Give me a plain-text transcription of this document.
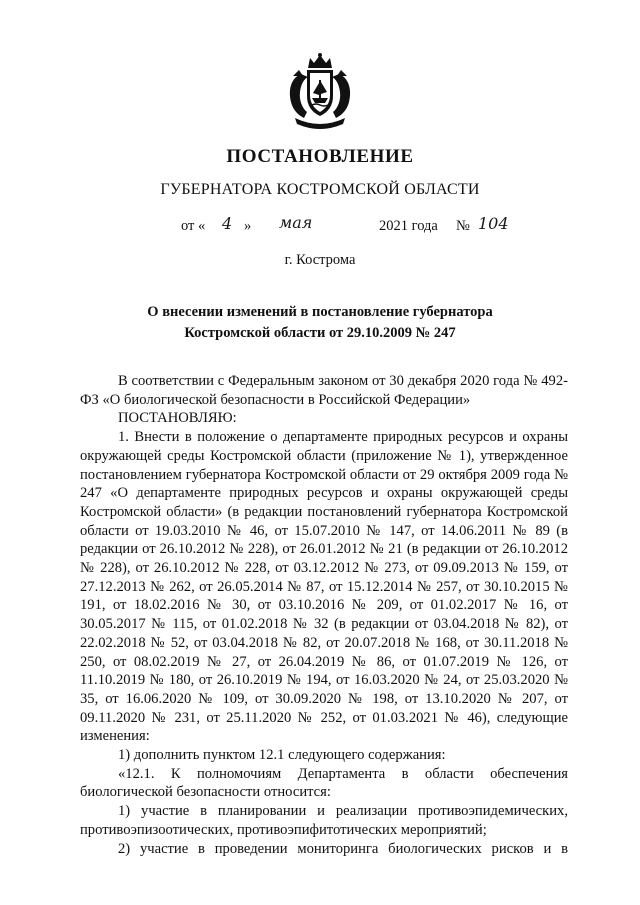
ПОСТАНОВЛЕНИЕ
ГУБЕРНАТОРА КОСТРОМСКОЙ ОБЛАСТИ
от « 4 » мая	2021 года № 104
г. Кострома
О внесении изменений в постановление губернатора
Костромской области от 29.10.2009 № 247

В соответствии с Федеральным законом от 30 декабря 2020 года № 492-ФЗ «О биологической безопасности в Российской Федерации»

ПОСТАНОВЛЯЮ:

1. Внести в положение о департаменте природных ресурсов и охраны окружающей среды Костромской области (приложение № 1), утвержденное постановлением губернатора Костромской области от 29 октября 2009 года № 247 «О департаменте природных ресурсов и охраны окружающей среды Костромской области» (в редакции постановлений губернатора Костромской области от 19.03.2010 № 46, от 15.07.2010 № 147, от 14.06.2011 № 89 (в редакции от 26.10.2012 № 228), от 26.01.2012 № 21 (в редакции от 26.10.2012 № 228), от 26.10.2012 № 228, от 03.12.2012 № 273, от 09.09.2013 № 159, от 27.12.2013 № 262, от 26.05.2014 № 87, от 15.12.2014 № 257, от 30.10.2015 № 191, от 18.02.2016 № 30, от 03.10.2016 № 209, от 01.02.2017 № 16, от 30.05.2017 № 115, от 01.02.2018 № 32 (в редакции от 03.04.2018 № 82), от 22.02.2018 № 52, от 03.04.2018 № 82, от 20.07.2018 № 168, от 30.11.2018 № 250, от 08.02.2019 № 27, от 26.04.2019 № 86, от 01.07.2019 № 126, от 11.10.2019 № 180, от 26.10.2019 № 194, от 16.03.2020 № 24, от 25.03.2020 № 35, от 16.06.2020 № 109, от 30.09.2020 № 198, от 13.10.2020 № 207, от 09.11.2020 № 231, от 25.11.2020 № 252, от 01.03.2021 № 46), следующие изменения:

1) дополнить пунктом 12.1 следующего содержания:

«12.1. К полномочиям Департамента в области обеспечения биологической безопасности относится:

1) участие в планировании и реализации противоэпидемических, противоэпизоотических, противоэпифитотических мероприятий;

2) участие в проведении мониторинга биологических рисков и в
